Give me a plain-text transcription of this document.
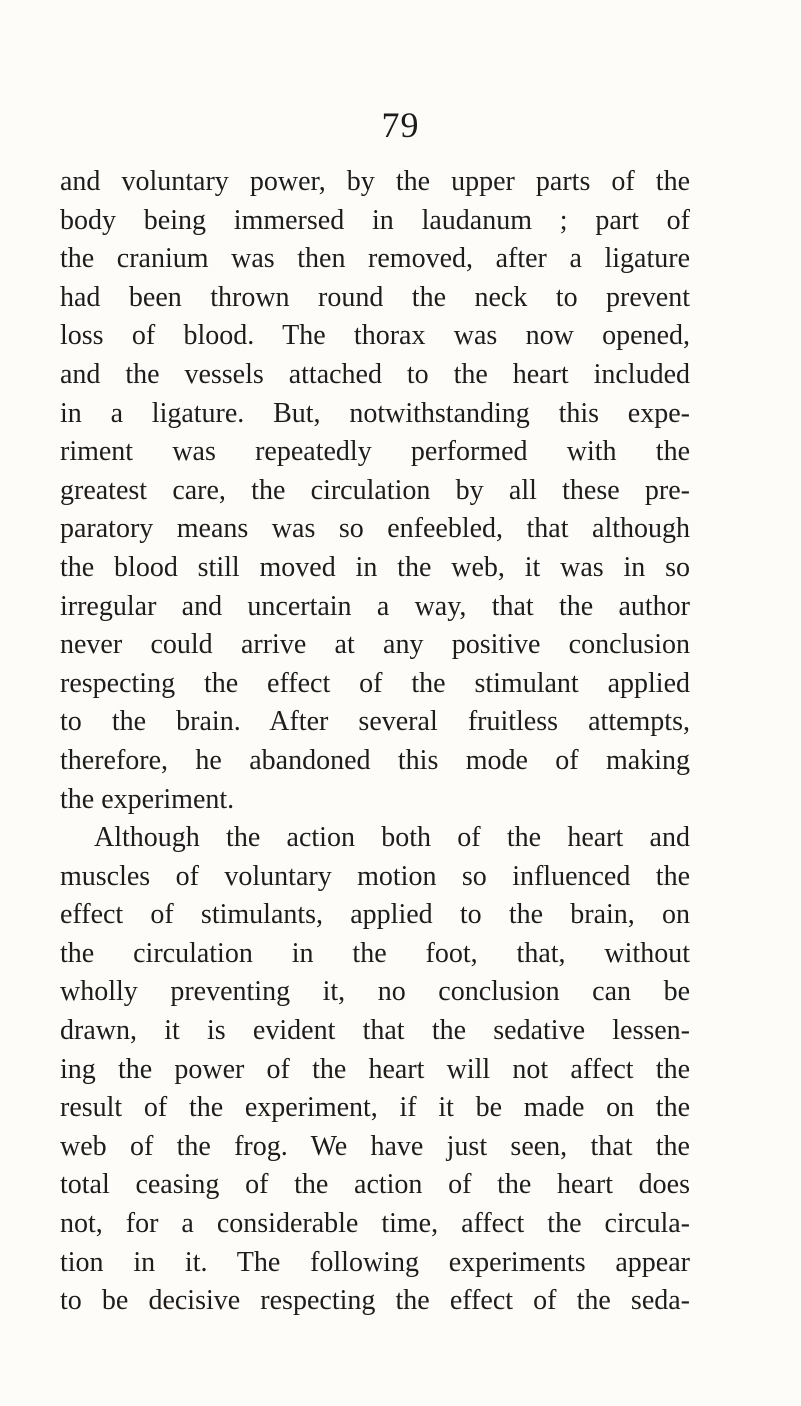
79
and voluntary power, by the upper parts of the
body being immersed in laudanum ; part of
the cranium was then removed, after a ligature
had been thrown round the neck to prevent
loss of blood. The thorax was now opened,
and the vessels attached to the heart included
in a ligature. But, notwithstanding this expe-
riment was repeatedly performed with the
greatest care, the circulation by all these pre-
paratory means was so enfeebled, that although
the blood still moved in the web, it was in so
irregular and uncertain a way, that the author
never could arrive at any positive conclusion
respecting the effect of the stimulant applied
to the brain. After several fruitless attempts,
therefore, he abandoned this mode of making
the experiment.
Although the action both of the heart and
muscles of voluntary motion so influenced the
effect of stimulants, applied to the brain, on
the circulation in the foot, that, without
wholly preventing it, no conclusion can be
drawn, it is evident that the sedative lessen-
ing the power of the heart will not affect the
result of the experiment, if it be made on the
web of the frog. We have just seen, that the
total ceasing of the action of the heart does
not, for a considerable time, affect the circula-
tion in it. The following experiments appear
to be decisive respecting the effect of the seda-
